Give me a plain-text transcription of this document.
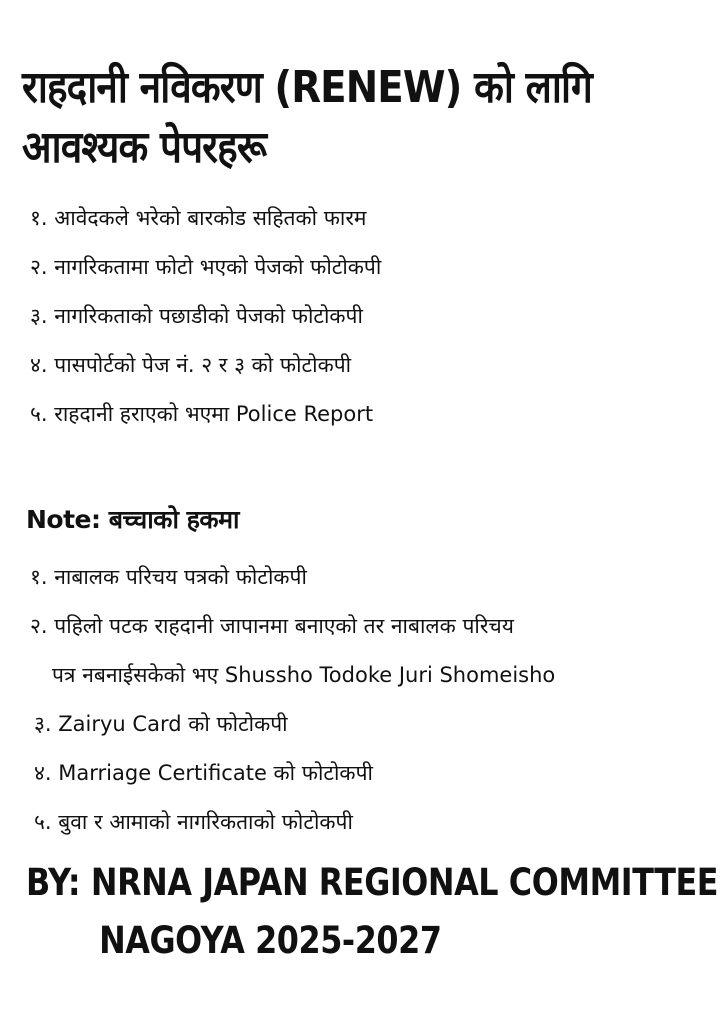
राहदानी नविकरण (RENEW) को लागि
आवश्यक पेपरहरू
१. आवेदकले भरेको बारकोड सहितको फारम
२. नागरिकतामा फोटो भएको पेजको फोटोकपी
३. नागरिकताको पछाडीको पेजको फोटोकपी
४. पासपोर्टको पेज नं. २ र ३ को फोटोकपी
५. राहदानी हराएको भएमा Police Report
Note: बच्चाको हकमा
१. नाबालक परिचय पत्रको फोटोकपी
२. पहिलो पटक राहदानी जापानमा बनाएको तर नाबालक परिचय
पत्र नबनाईसकेको भए Shussho Todoke Juri Shomeisho
३. Zairyu Card को फोटोकपी
४. Marriage Certificate को फोटोकपी
५. बुवा र आमाको नागरिकताको फोटोकपी
BY: NRNA JAPAN REGIONAL COMMITTEE
NAGOYA 2025-2027
